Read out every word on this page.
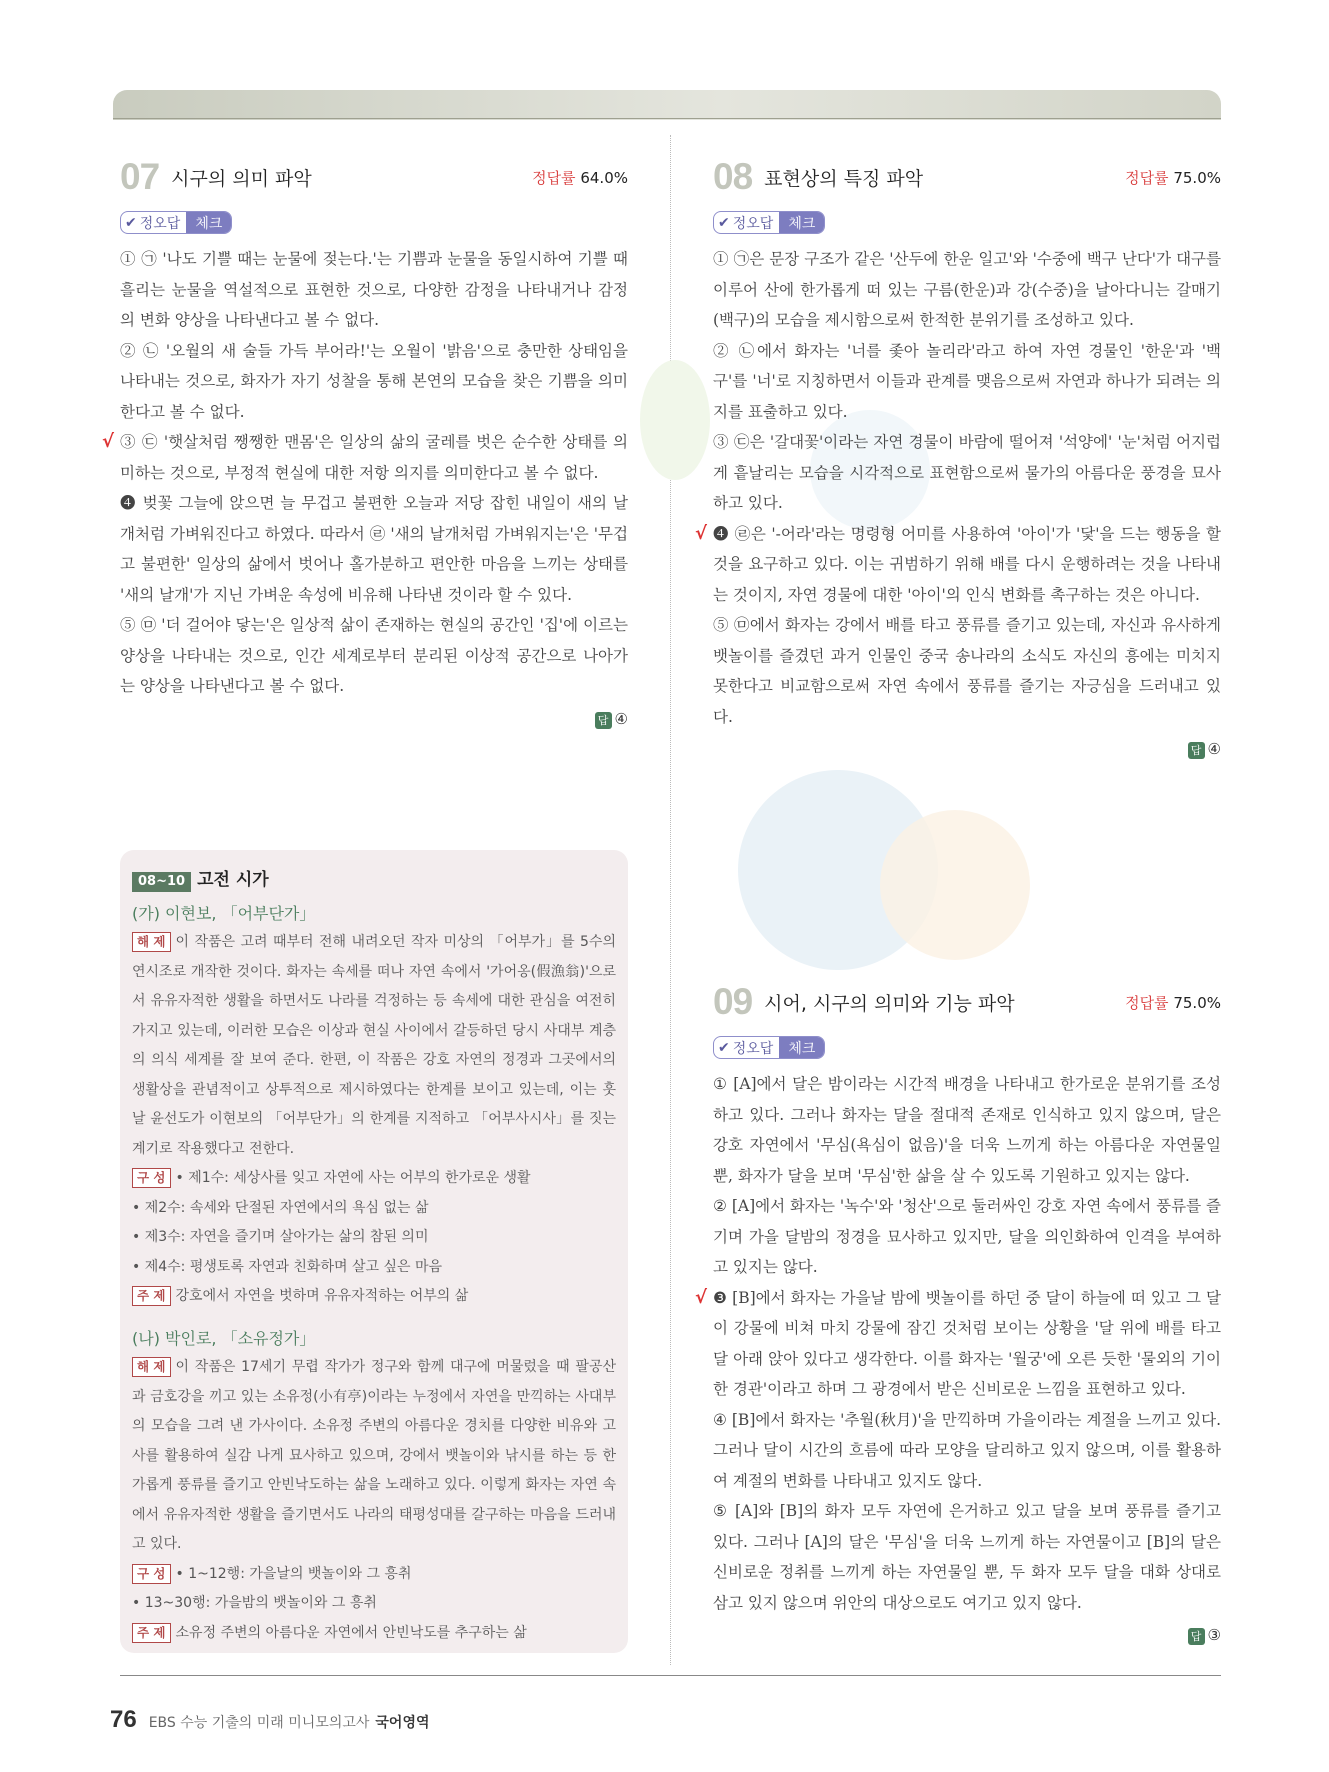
07 시구의 의미 파악	정답률 64.0%
✔ 정오답	체크

① ㉠ '나도 기쁠 때는 눈물에 젖는다.'는 기쁨과 눈물을 동일시하여 기쁠 때 흘리는 눈물을 역설적으로 표현한 것으로, 다양한 감정을 나타내거나 감정의 변화 양상을 나타낸다고 볼 수 없다.

② ㉡ '오월의 새 술들 가득 부어라!'는 오월이 '밝음'으로 충만한 상태임을 나타내는 것으로, 화자가 자기 성찰을 통해 본연의 모습을 찾은 기쁨을 의미한다고 볼 수 없다.

③ ㉢ '햇살처럼 쨍쨍한 맨몸'은 일상의 삶의 굴레를 벗은 순수한 상태를 의미하는 것으로, 부정적 현실에 대한 저항 의지를 의미한다고 볼 수 없다.

√

❹ 벚꽃 그늘에 앉으면 늘 무겁고 불편한 오늘과 저당 잡힌 내일이 새의 날개처럼 가벼워진다고 하였다. 따라서 ㉣ '새의 날개처럼 가벼워지는'은 '무겁고 불편한' 일상의 삶에서 벗어나 홀가분하고 편안한 마음을 느끼는 상태를 '새의 날개'가 지닌 가벼운 속성에 비유해 나타낸 것이라 할 수 있다.

⑤ ㉤ '더 걸어야 닿는'은 일상적 삶이 존재하는 현실의 공간인 '집'에 이르는 양상을 나타내는 것으로, 인간 세계로부터 분리된 이상적 공간으로 나아가는 양상을 나타낸다고 볼 수 없다.

답 ④
08 표현상의 특징 파악	정답률 75.0%
✔ 정오답	체크

① ㉠은 문장 구조가 같은 '산두에 한운 일고'와 '수중에 백구 난다'가 대구를 이루어 산에 한가롭게 떠 있는 구름(한운)과 강(수중)을 날아다니는 갈매기(백구)의 모습을 제시함으로써 한적한 분위기를 조성하고 있다.

② ㉡에서 화자는 '너를 좇아 놀리라'라고 하여 자연 경물인 '한운'과 '백구'를 '너'로 지칭하면서 이들과 관계를 맺음으로써 자연과 하나가 되려는 의지를 표출하고 있다.

③ ㉢은 '갈대꽃'이라는 자연 경물이 바람에 떨어져 '석양에' '눈'처럼 어지럽게 흩날리는 모습을 시각적으로 표현함으로써 물가의 아름다운 풍경을 묘사하고 있다.

√ ❹ ㉣은 '-어라'라는 명령형 어미를 사용하여 '아이'가 '닻'을 드는 행동을 할 것을 요구하고 있다. 이는 귀범하기 위해 배를 다시 운행하려는 것을 나타내는 것이지, 자연 경물에 대한 '아이'의 인식 변화를 촉구하는 것은 아니다.

⑤ ㉤에서 화자는 강에서 배를 타고 풍류를 즐기고 있는데, 자신과 유사하게 뱃놀이를 즐겼던 과거 인물인 중국 송나라의 소식도 자신의 흥에는 미치지 못한다고 비교함으로써 자연 속에서 풍류를 즐기는 자긍심을 드러내고 있다.

답 ④
09 시어, 시구의 의미와 기능 파악	정답률 75.0%
✔ 정오답	체크

① [A]에서 달은 밤이라는 시간적 배경을 나타내고 한가로운 분위기를 조성하고 있다. 그러나 화자는 달을 절대적 존재로 인식하고 있지 않으며, 달은 강호 자연에서 '무심(욕심이 없음)'을 더욱 느끼게 하는 아름다운 자연물일 뿐, 화자가 달을 보며 '무심'한 삶을 살 수 있도록 기원하고 있지는 않다.

② [A]에서 화자는 '녹수'와 '청산'으로 둘러싸인 강호 자연 속에서 풍류를 즐기며 가을 달밤의 정경을 묘사하고 있지만, 달을 의인화하여 인격을 부여하고 있지는 않다.

√ ❸ [B]에서 화자는 가을날 밤에 뱃놀이를 하던 중 달이 하늘에 떠 있고 그 달이 강물에 비쳐 마치 강물에 잠긴 것처럼 보이는 상황을 '달 위에 배를 타고 달 아래 앉아 있다고 생각한다. 이를 화자는 '월궁'에 오른 듯한 '물외의 기이한 경관'이라고 하며 그 광경에서 받은 신비로운 느낌을 표현하고 있다.

④ [B]에서 화자는 '추월(秋月)'을 만끽하며 가을이라는 계절을 느끼고 있다. 그러나 달이 시간의 흐름에 따라 모양을 달리하고 있지 않으며, 이를 활용하여 계절의 변화를 나타내고 있지도 않다.

⑤ [A]와 [B]의 화자 모두 자연에 은거하고 있고 달을 보며 풍류를 즐기고 있다. 그러나 [A]의 달은 '무심'을 더욱 느끼게 하는 자연물이고 [B]의 달은 신비로운 정취를 느끼게 하는 자연물일 뿐, 두 화자 모두 달을 대화 상대로 삼고 있지 않으며 위안의 대상으로도 여기고 있지 않다.

답 ③
08~10 고전 시가
(가) 이현보, 「어부단가」

해 제 이 작품은 고려 때부터 전해 내려오던 작자 미상의 「어부가」를 5수의 연시조로 개작한 것이다. 화자는 속세를 떠나 자연 속에서 '가어옹(假漁翁)'으로서 유유자적한 생활을 하면서도 나라를 걱정하는 등 속세에 대한 관심을 여전히 가지고 있는데, 이러한 모습은 이상과 현실 사이에서 갈등하던 당시 사대부 계층의 의식 세계를 잘 보여 준다. 한편, 이 작품은 강호 자연의 정경과 그곳에서의 생활상을 관념적이고 상투적으로 제시하였다는 한계를 보이고 있는데, 이는 훗날 윤선도가 이현보의 「어부단가」의 한계를 지적하고 「어부사시사」를 짓는 계기로 작용했다고 전한다.

구 성 • 제1수: 세상사를 잊고 자연에 사는 어부의 한가로운 생활

• 제2수: 속세와 단절된 자연에서의 욕심 없는 삶

• 제3수: 자연을 즐기며 살아가는 삶의 참된 의미

• 제4수: 평생토록 자연과 친화하며 살고 싶은 마음

주 제 강호에서 자연을 벗하며 유유자적하는 어부의 삶

(나) 박인로, 「소유정가」

해 제 이 작품은 17세기 무렵 작가가 정구와 함께 대구에 머물렀을 때 팔공산과 금호강을 끼고 있는 소유정(小有亭)이라는 누정에서 자연을 만끽하는 사대부의 모습을 그려 낸 가사이다. 소유정 주변의 아름다운 경치를 다양한 비유와 고사를 활용하여 실감 나게 묘사하고 있으며, 강에서 뱃놀이와 낚시를 하는 등 한가롭게 풍류를 즐기고 안빈낙도하는 삶을 노래하고 있다. 이렇게 화자는 자연 속에서 유유자적한 생활을 즐기면서도 나라의 태평성대를 갈구하는 마음을 드러내고 있다.

구 성 • 1~12행: 가을날의 뱃놀이와 그 흥취

• 13~30행: 가을밤의 뱃놀이와 그 흥취

주 제 소유정 주변의 아름다운 자연에서 안빈낙도를 추구하는 삶

76 EBS 수능 기출의 미래 미니모의고사 국어영역
